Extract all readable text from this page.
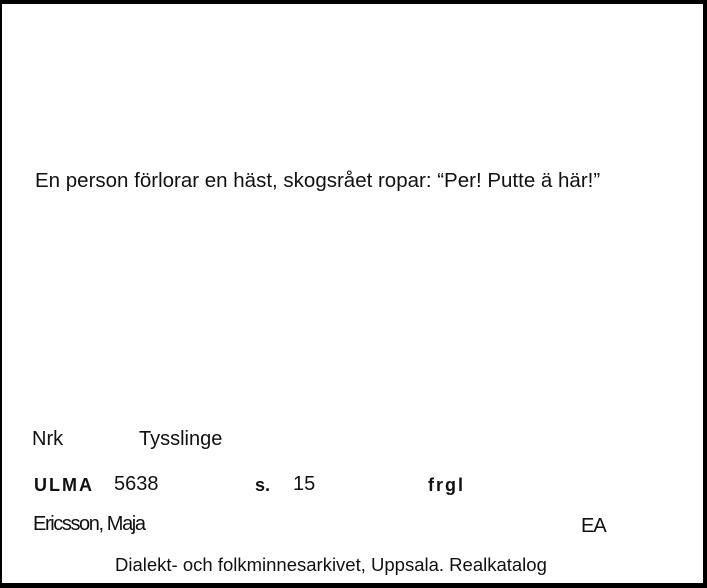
En person förlorar en häst, skogsrået ropar: “Per! Putte ä här!”
Nrk	Tysslinge
ULMA 5638	s. 15	frgl
Ericsson, Maja	EA
Dialekt- och folkminnesarkivet, Uppsala. Realkatalog
